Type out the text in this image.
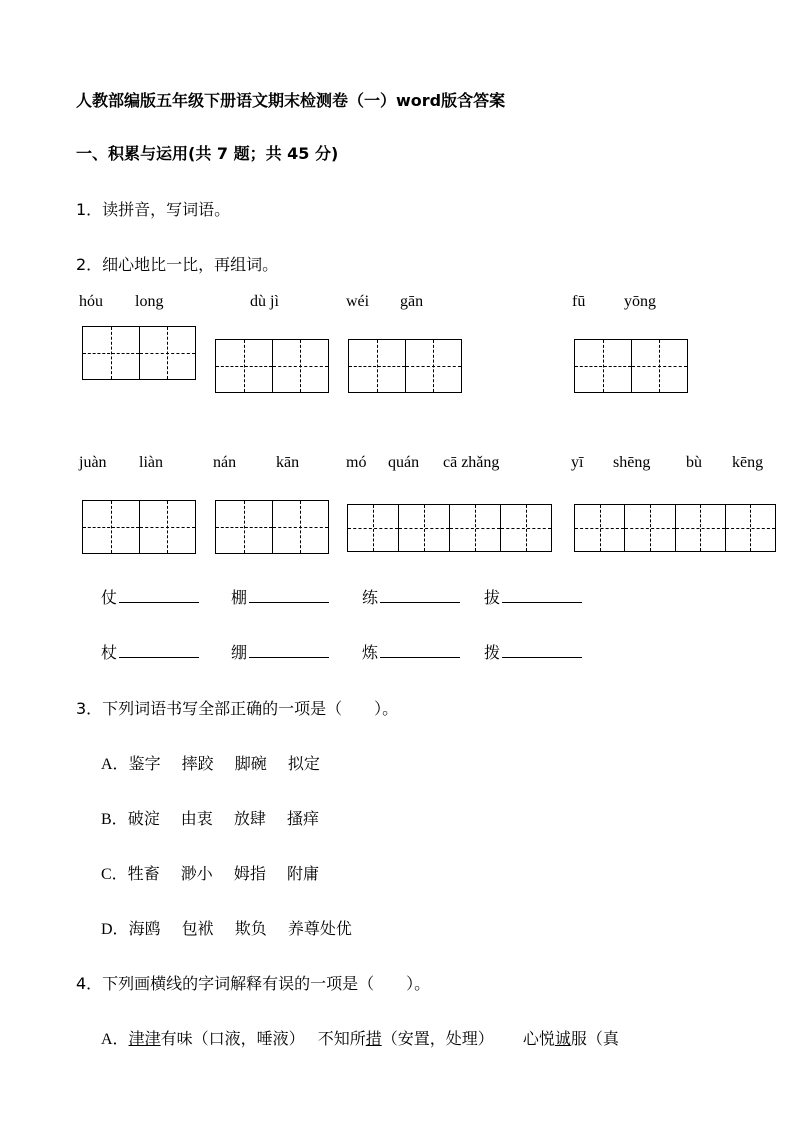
人教部编版五年级下册语文期末检测卷（一）word版含答案
一、积累与运用(共 7 题；共 45 分)
1．读拼音，写词语。
2．细心地比一比，再组词。
hóu long	dù jì	wéi gān	fū yōng
juàn liàn	nán kān	mó quán cā zhǎng	yī shēng bù kēng
仗	棚	练	拔
杖	绷	炼	拨
3．下列词语书写全部正确的一项是（　　）。
A．鉴字　 摔跤　 脚碗　 拟定
B．破淀　 由衷　 放肆　 搔痒
C．牲畜　 渺小　 姆指　 附庸
D．海鸥　 包袱　 欺负　 养尊处优
4．下列画横线的字词解释有误的一项是（　　）。
A．津津有味（口液，唾液）　 不知所措（安置，处理）　　 心悦诚服（真
